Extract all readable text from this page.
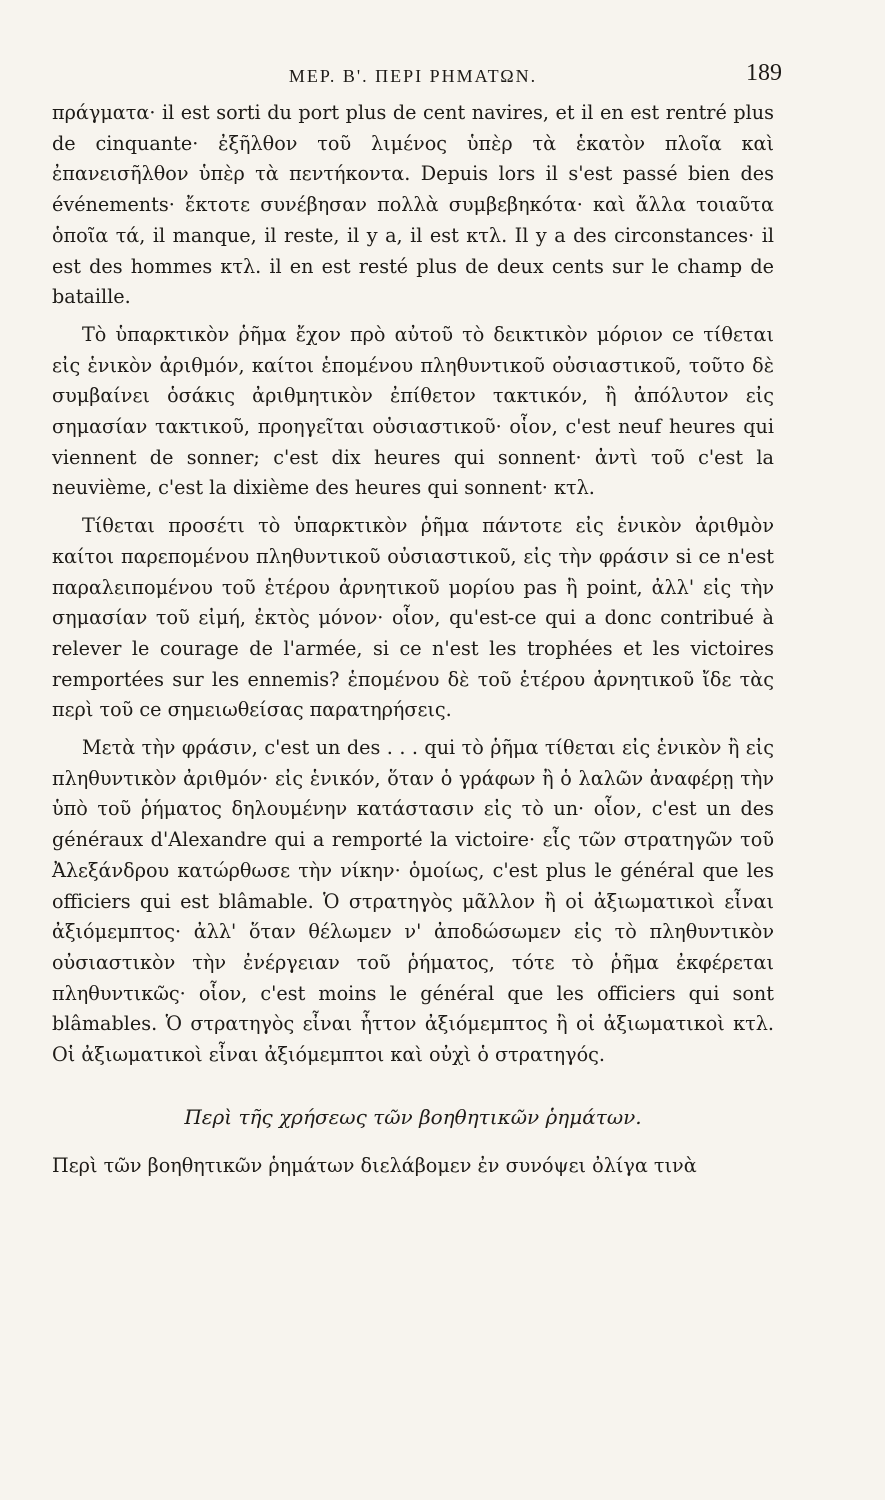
ΜΕΡ. Β'. ΠΕΡΙ ΡΗΜΑΤΩΝ.	189

πράγματα· il est sorti du port plus de cent navires, et il en est rentré plus de cinquante· ἐξῆλθον τοῦ λιμένος ὑπὲρ τὰ ἑκατὸν πλοῖα καὶ ἐπανεισῆλθον ὑπὲρ τὰ πεντήκοντα. Depuis lors il s'est passé bien des événements· ἔκτοτε συνέβησαν πολλὰ συμβεβηκότα· καὶ ἄλλα τοιαῦτα ὁποῖα τά, il manque, il reste, il y a, il est κτλ. Il y a des circonstances· il est des hommes κτλ. il en est resté plus de deux cents sur le champ de bataille.

Τὸ ὑπαρκτικὸν ῥῆμα ἔχον πρὸ αὐτοῦ τὸ δεικτικὸν μόριον ce τίθεται εἰς ἑνικὸν ἀριθμόν, καίτοι ἑπομένου πληθυντικοῦ οὐσιαστικοῦ, τοῦτο δὲ συμβαίνει ὁσάκις ἀριθμητικὸν ἐπίθετον τακτικόν, ἢ ἀπόλυτον εἰς σημασίαν τακτικοῦ, προηγεῖται οὐσιαστικοῦ· οἷον, c'est neuf heures qui viennent de sonner; c'est dix heures qui sonnent· ἀντὶ τοῦ c'est la neuvième, c'est la dixième des heures qui sonnent· κτλ.

Τίθεται προσέτι τὸ ὑπαρκτικὸν ῥῆμα πάντοτε εἰς ἑνικὸν ἀριθμὸν καίτοι παρεπομένου πληθυντικοῦ οὐσιαστικοῦ, εἰς τὴν φράσιν si ce n'est παραλειπομένου τοῦ ἑτέρου ἀρνητικοῦ μορίου pas ἢ point, ἀλλ' εἰς τὴν σημασίαν τοῦ εἰμή, ἐκτὸς μόνον· οἷον, qu'est-ce qui a donc contribué à relever le courage de l'armée, si ce n'est les trophées et les victoires remportées sur les ennemis? ἑπομένου δὲ τοῦ ἑτέρου ἀρνητικοῦ ἴδε τὰς περὶ τοῦ ce σημειωθείσας παρατηρήσεις.

Μετὰ τὴν φράσιν, c'est un des . . . qui τὸ ῥῆμα τίθεται εἰς ἑνικὸν ἢ εἰς πληθυντικὸν ἀριθμόν· εἰς ἑνικόν, ὅταν ὁ γράφων ἢ ὁ λαλῶν ἀναφέρῃ τὴν ὑπὸ τοῦ ῥήματος δηλουμένην κατάστασιν εἰς τὸ un· οἷον, c'est un des généraux d'Alexandre qui a remporté la victoire· εἷς τῶν στρατηγῶν τοῦ Ἀλεξάνδρου κατώρθωσε τὴν νίκην· ὁμοίως, c'est plus le général que les officiers qui est blâmable. Ὁ στρατηγὸς μᾶλλον ἢ οἱ ἀξιωματικοὶ εἶναι ἀξιόμεμπτος· ἀλλ' ὅταν θέλωμεν ν' ἀποδώσωμεν εἰς τὸ πληθυντικὸν οὐσιαστικὸν τὴν ἐνέργειαν τοῦ ῥήματος, τότε τὸ ῥῆμα ἐκφέρεται πληθυντικῶς· οἷον, c'est moins le général que les officiers qui sont blâmables. Ὁ στρατηγὸς εἶναι ἧττον ἀξιόμεμπτος ἢ οἱ ἀξιωματικοὶ κτλ. Οἱ ἀξιωματικοὶ εἶναι ἀξιόμεμπτοι καὶ οὐχὶ ὁ στρατηγός.

Περὶ τῆς χρήσεως τῶν βοηθητικῶν ῥημάτων.

Περὶ τῶν βοηθητικῶν ῥημάτων διελάβομεν ἐν συνόψει ὀλίγα τινὰ
